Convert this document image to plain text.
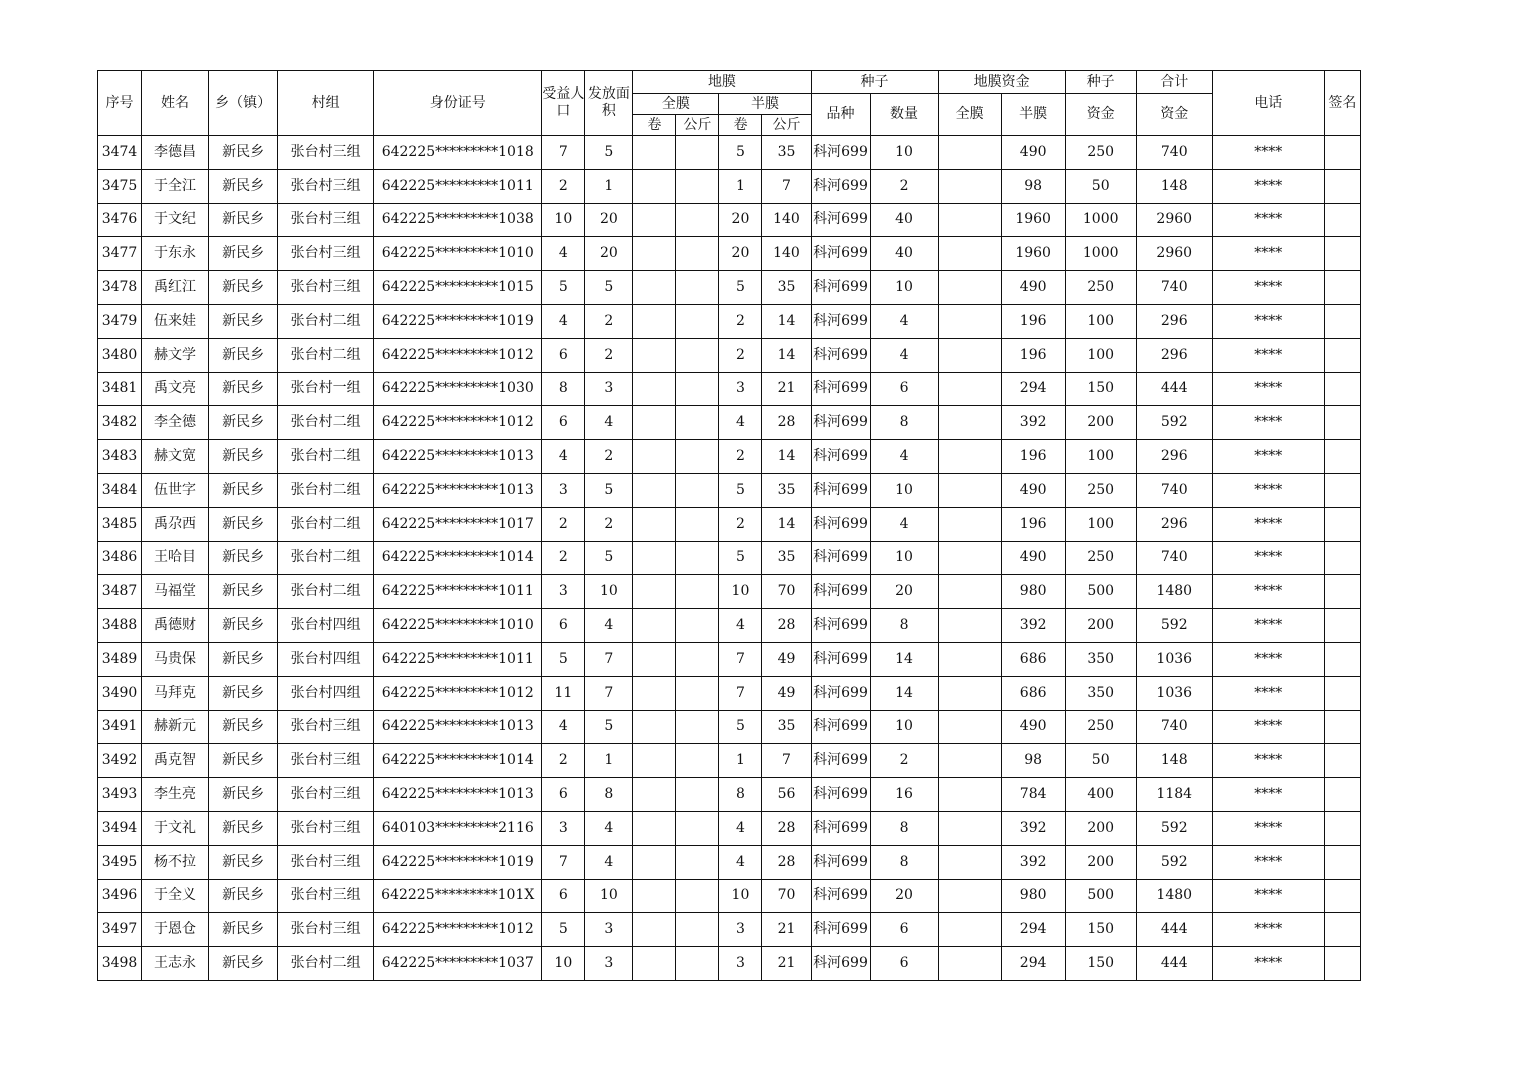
序号	姓名	乡（镇）	村组	身份证号	受益人口	发放面积	地膜				种子		地膜资金		种子	合计	电话	签名
							全膜		半膜		品种	数量	全膜	半膜	资金	资金		
							卷	公斤	卷	公斤								
3474	李德昌	新民乡	张台村三组	642225*********1018	7	5			5	35	科河699	10		490	250	740	****	
3475	于全江	新民乡	张台村三组	642225*********1011	2	1			1	7	科河699	2		98	50	148	****	
3476	于文纪	新民乡	张台村三组	642225*********1038	10	20			20	140	科河699	40		1960	1000	2960	****	
3477	于东永	新民乡	张台村三组	642225*********1010	4	20			20	140	科河699	40		1960	1000	2960	****	
3478	禹红江	新民乡	张台村三组	642225*********1015	5	5			5	35	科河699	10		490	250	740	****	
3479	伍来娃	新民乡	张台村二组	642225*********1019	4	2			2	14	科河699	4		196	100	296	****	
3480	赫文学	新民乡	张台村二组	642225*********1012	6	2			2	14	科河699	4		196	100	296	****	
3481	禹文亮	新民乡	张台村一组	642225*********1030	8	3			3	21	科河699	6		294	150	444	****	
3482	李全德	新民乡	张台村二组	642225*********1012	6	4			4	28	科河699	8		392	200	592	****	
3483	赫文宽	新民乡	张台村二组	642225*********1013	4	2			2	14	科河699	4		196	100	296	****	
3484	伍世字	新民乡	张台村二组	642225*********1013	3	5			5	35	科河699	10		490	250	740	****	
3485	禹尕西	新民乡	张台村二组	642225*********1017	2	2			2	14	科河699	4		196	100	296	****	
3486	王哈目	新民乡	张台村二组	642225*********1014	2	5			5	35	科河699	10		490	250	740	****	
3487	马福堂	新民乡	张台村二组	642225*********1011	3	10			10	70	科河699	20		980	500	1480	****	
3488	禹德财	新民乡	张台村四组	642225*********1010	6	4			4	28	科河699	8		392	200	592	****	
3489	马贵保	新民乡	张台村四组	642225*********1011	5	7			7	49	科河699	14		686	350	1036	****	
3490	马拜克	新民乡	张台村四组	642225*********1012	11	7			7	49	科河699	14		686	350	1036	****	
3491	赫新元	新民乡	张台村三组	642225*********1013	4	5			5	35	科河699	10		490	250	740	****	
3492	禹克智	新民乡	张台村三组	642225*********1014	2	1			1	7	科河699	2		98	50	148	****	
3493	李生亮	新民乡	张台村三组	642225*********1013	6	8			8	56	科河699	16		784	400	1184	****	
3494	于文礼	新民乡	张台村三组	640103*********2116	3	4			4	28	科河699	8		392	200	592	****	
3495	杨不拉	新民乡	张台村三组	642225*********1019	7	4			4	28	科河699	8		392	200	592	****	
3496	于全义	新民乡	张台村三组	642225*********101X	6	10			10	70	科河699	20		980	500	1480	****	
3497	于恩仓	新民乡	张台村三组	642225*********1012	5	3			3	21	科河699	6		294	150	444	****	
3498	王志永	新民乡	张台村二组	642225*********1037	10	3			3	21	科河699	6		294	150	444	****	
